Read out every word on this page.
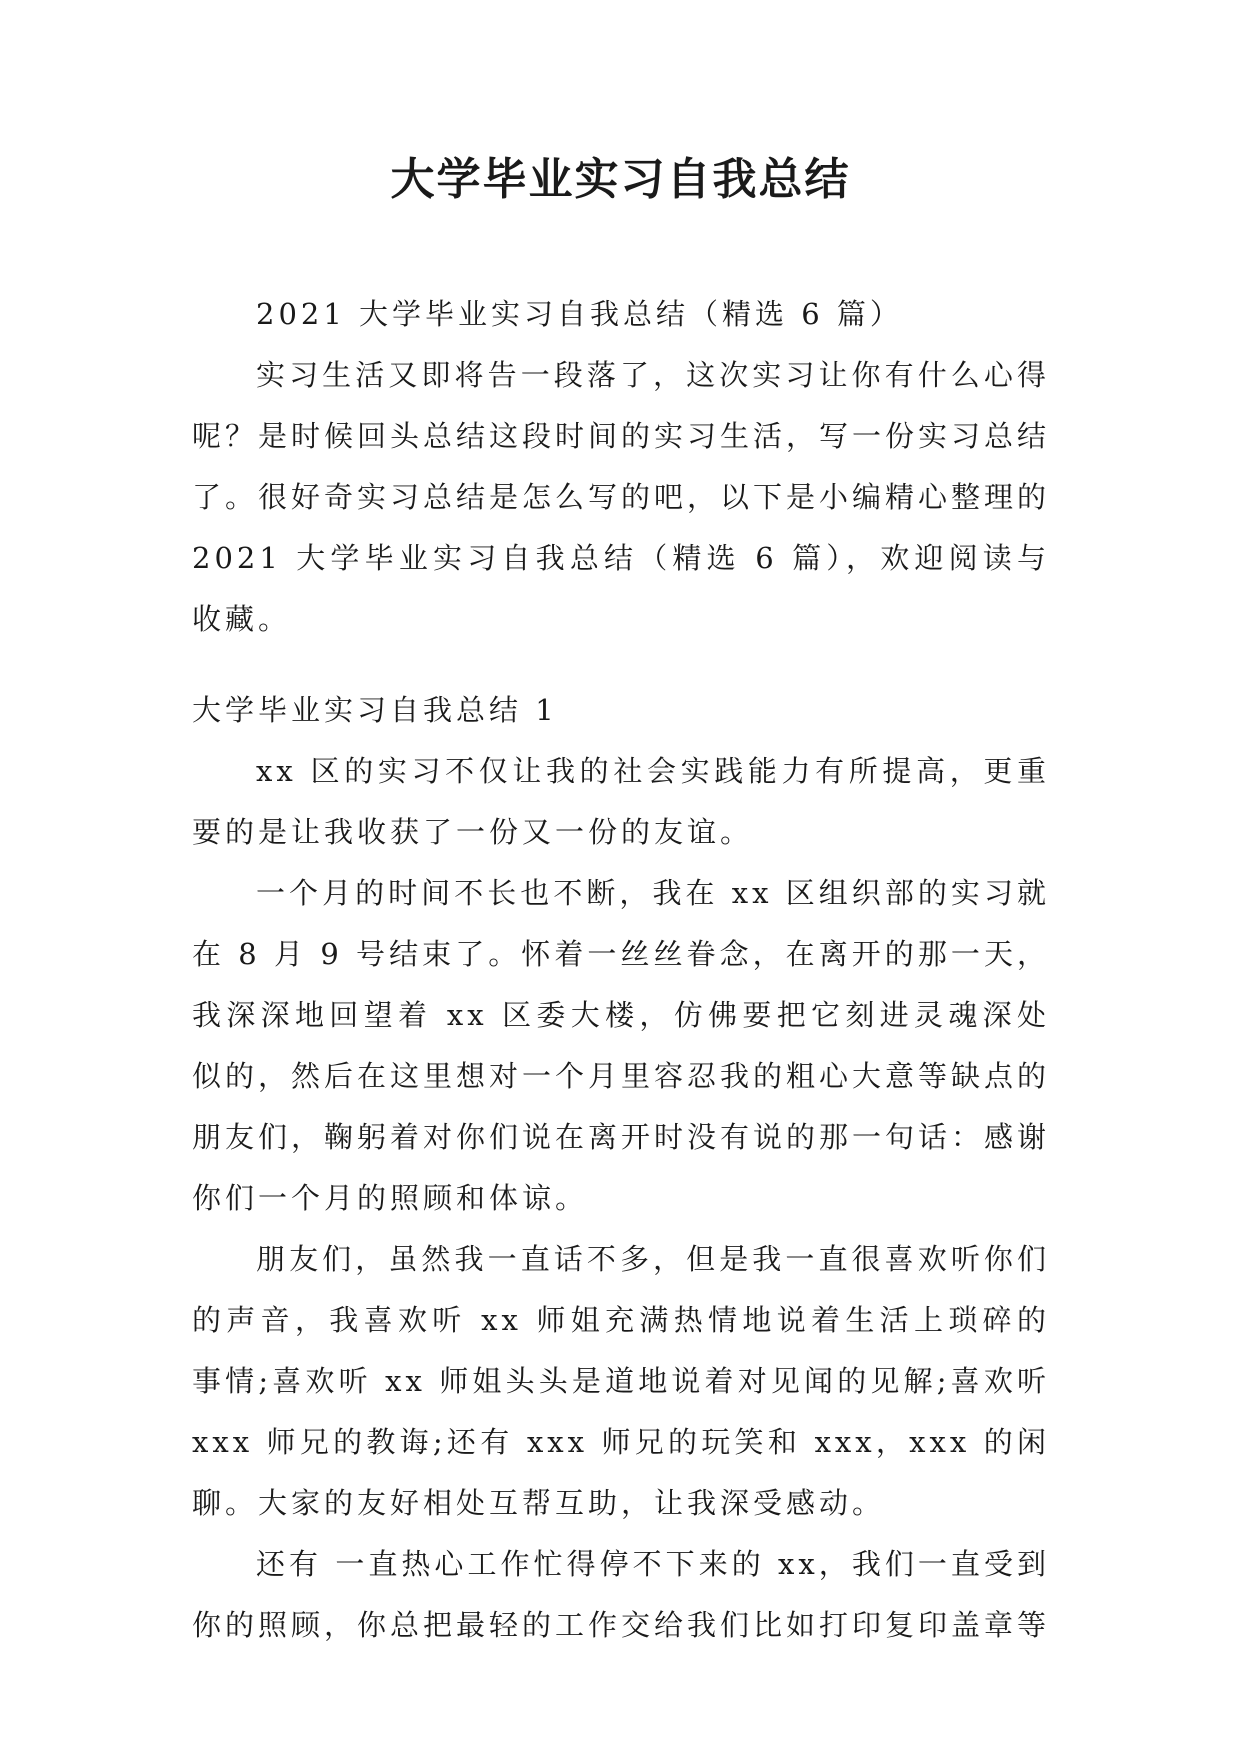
大学毕业实习自我总结

2021 大学毕业实习自我总结（精选 6 篇）

实习生活又即将告一段落了，这次实习让你有什么心得呢？是时候回头总结这段时间的实习生活，写一份实习总结了。很好奇实习总结是怎么写的吧，以下是小编精心整理的 2021 大学毕业实习自我总结（精选 6 篇），欢迎阅读与收藏。

大学毕业实习自我总结 1

xx 区的实习不仅让我的社会实践能力有所提高，更重要的是让我收获了一份又一份的友谊。

一个月的时间不长也不断，我在 xx 区组织部的实习就在 8 月 9 号结束了。怀着一丝丝眷念，在离开的那一天，我深深地回望着 xx 区委大楼，仿佛要把它刻进灵魂深处似的，然后在这里想对一个月里容忍我的粗心大意等缺点的朋友们，鞠躬着对你们说在离开时没有说的那一句话：感谢你们一个月的照顾和体谅。

朋友们，虽然我一直话不多，但是我一直很喜欢听你们的声音，我喜欢听 xx 师姐充满热情地说着生活上琐碎的事情;喜欢听 xx 师姐头头是道地说着对见闻的见解;喜欢听 xxx 师兄的教诲;还有 xxx 师兄的玩笑和 xxx，xxx 的闲聊。大家的友好相处互帮互助，让我深受感动。

还有 一直热心工作忙得停不下来的 xx，我们一直受到你的照顾，你总把最轻的工作交给我们比如打印复印盖章等
